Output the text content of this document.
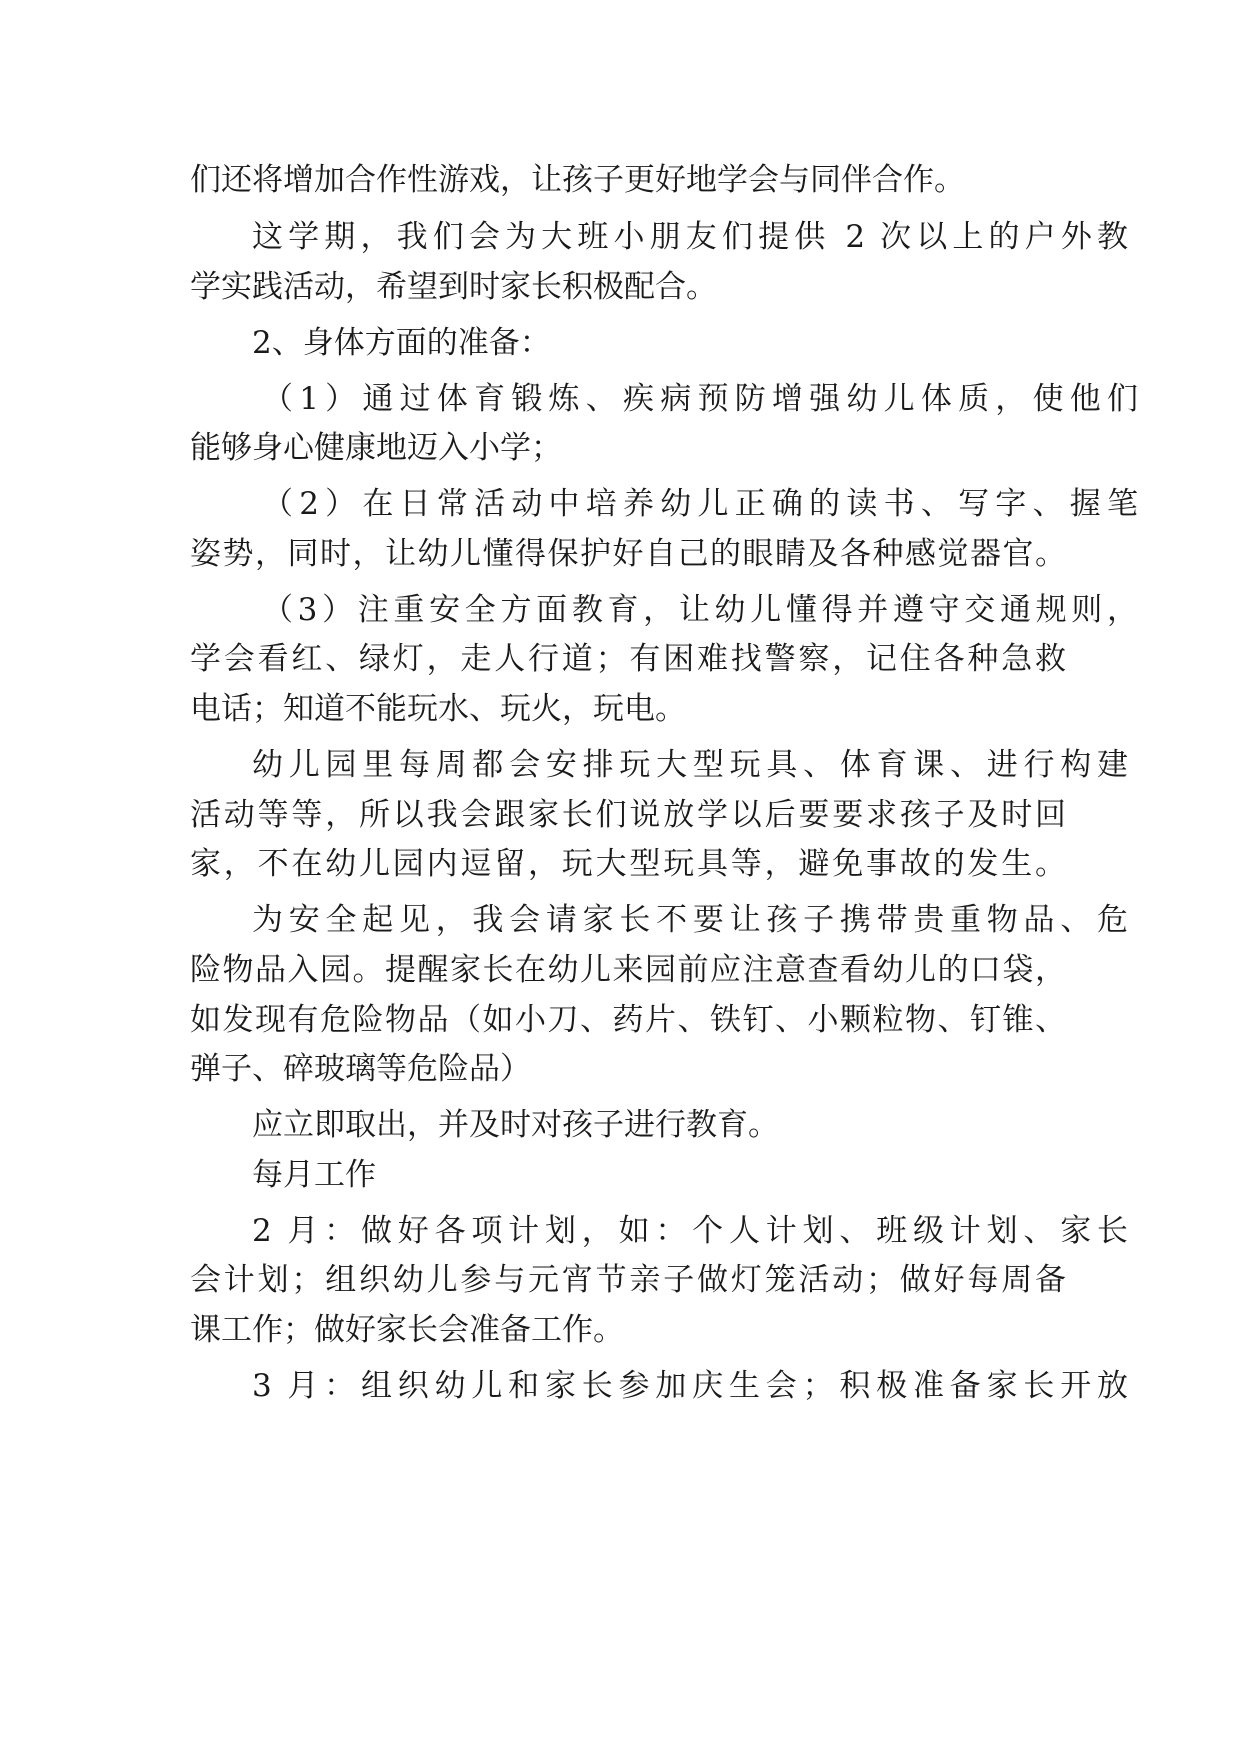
们还将增加合作性游戏，让孩子更好地学会与同伴合作。
这学期，我们会为大班小朋友们提供 2 次以上的户外教
学实践活动，希望到时家长积极配合。
2、身体方面的准备：
（1）通过体育锻炼、疾病预防增强幼儿体质，使他们
能够身心健康地迈入小学；
（2）在日常活动中培养幼儿正确的读书、写字、握笔
姿势，同时，让幼儿懂得保护好自己的眼睛及各种感觉器官。
（3）注重安全方面教育，让幼儿懂得并遵守交通规则，
学会看红、绿灯，走人行道；有困难找警察，记住各种急救
电话；知道不能玩水、玩火，玩电。
幼儿园里每周都会安排玩大型玩具、体育课、进行构建
活动等等，所以我会跟家长们说放学以后要要求孩子及时回
家，不在幼儿园内逗留，玩大型玩具等，避免事故的发生。
为安全起见，我会请家长不要让孩子携带贵重物品、危
险物品入园。提醒家长在幼儿来园前应注意查看幼儿的口袋，
如发现有危险物品（如小刀、药片、铁钉、小颗粒物、钉锥、
弹子、碎玻璃等危险品）
应立即取出，并及时对孩子进行教育。
每月工作
2 月：做好各项计划，如：个人计划、班级计划、家长
会计划；组织幼儿参与元宵节亲子做灯笼活动；做好每周备
课工作；做好家长会准备工作。
3 月：组织幼儿和家长参加庆生会；积极准备家长开放
